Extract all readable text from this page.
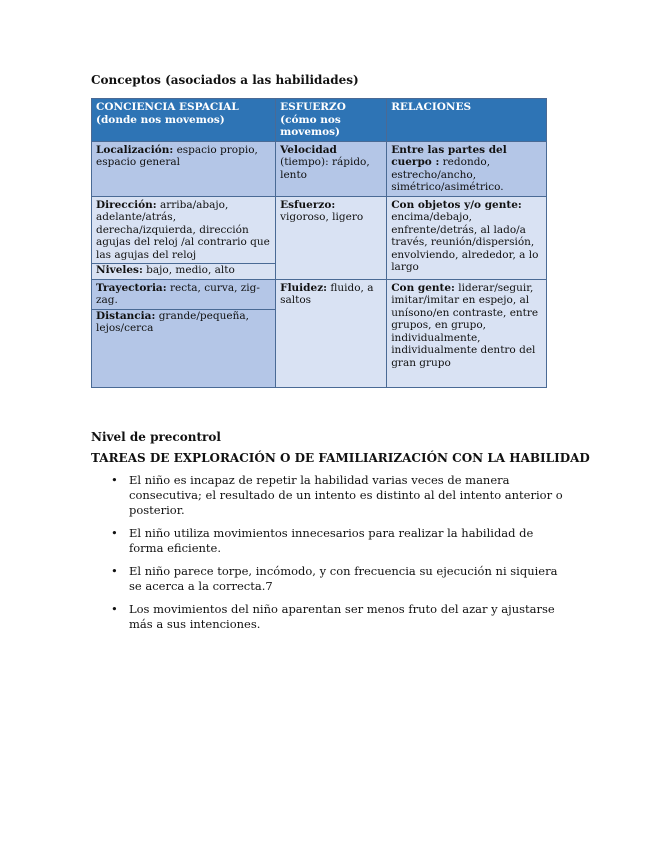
Conceptos (asociados a las habilidades)
CONCIENCIA ESPACIAL (donde nos movemos)	ESFUERZO (cómo nos movemos)	RELACIONES
Localización: espacio propio, espacio general	Velocidad (tiempo): rápido, lento	Entre las partes del cuerpo : redondo, estrecho/ancho, simétrico/asimétrico.
Dirección: arriba/abajo, adelante/atrás, derecha/izquierda, dirección agujas del reloj /al contrario que las agujas del reloj
Niveles: bajo, medio, alto	Esfuerzo: vigoroso, ligero	Con objetos y/o gente: encima/debajo, enfrente/detrás, al lado/a través, reunión/dispersión, envolviendo, alrededor, a lo largo
Trayectoria: recta, curva, zig-zag.
Distancia: grande/pequeña, lejos/cerca	Fluidez: fluido, a saltos	Con gente: liderar/seguir, imitar/imitar en espejo, al unísono/en contraste, entre grupos, en grupo, individualmente, individualmente dentro del gran grupo
Nivel de precontrol
TAREAS DE EXPLORACIÓN O DE FAMILIARIZACIÓN CON LA HABILIDAD
• El niño es incapaz de repetir la habilidad varias veces de manera consecutiva; el resultado de un intento es distinto al del intento anterior o posterior.
• El niño utiliza movimientos innecesarios para realizar la habilidad de forma eficiente.
• El niño parece torpe, incómodo, y con frecuencia su ejecución ni siquiera se acerca a la correcta.7
• Los movimientos del niño aparentan ser menos fruto del azar y ajustarse más a sus intenciones.
